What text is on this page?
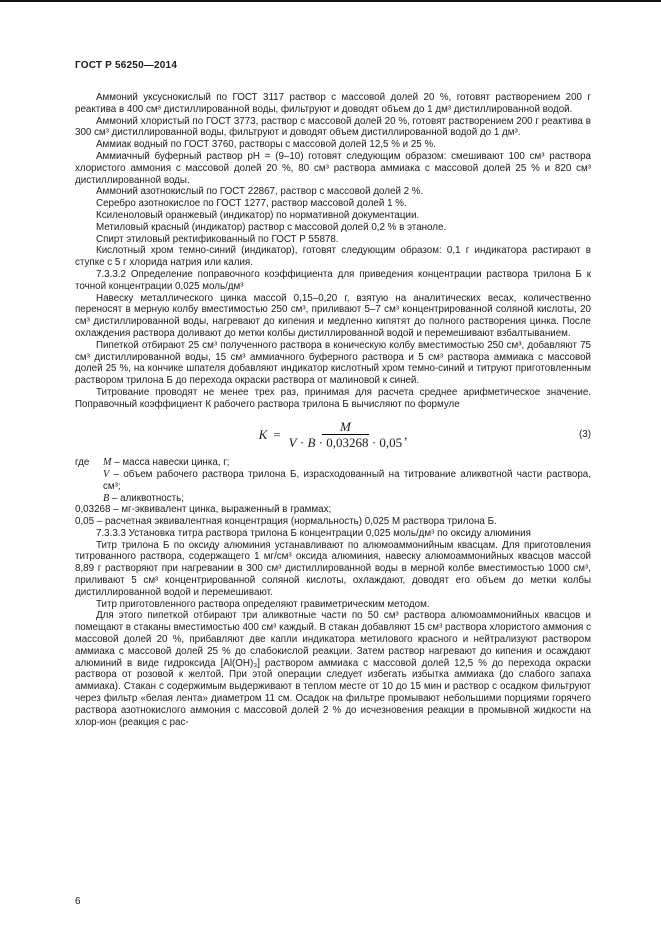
ГОСТ Р 56250—2014

Аммоний уксуснокислый по ГОСТ 3117 раствор с массовой долей 20 %, готовят растворением 200 г реактива в 400 см³ дистиллированной воды, фильтруют и доводят объем до 1 дм³ дистиллированной водой.

Аммоний хлористый по ГОСТ 3773, раствор с массовой долей 20 %, готовят растворением 200 г реактива в 300 см³ дистиллированной воды, фильтруют и доводят объем дистиллированной водой до 1 дм³.

Аммиак водный по ГОСТ 3760, растворы с массовой долей 12,5 % и 25 %.

Аммиачный буферный раствор рН = (9–10) готовят следующим образом: смешивают 100 см³ раствора хлористого аммония с массовой долей 20 %, 80 см³ раствора аммиака с массовой долей 25 % и 820 см³ дистиллированной воды.

Аммоний азотнокислый по ГОСТ 22867, раствор с массовой долей 2 %.

Серебро азотнокислое по ГОСТ 1277, раствор массовой долей 1 %.

Ксиленоловый оранжевый (индикатор) по нормативной документации.

Метиловый красный (индикатор) раствор с массовой долей 0,2 % в этаноле.

Спирт этиловый ректификованный по ГОСТ Р 55878.

Кислотный хром темно-синий (индикатор), готовят следующим образом: 0,1 г индикатора растирают в ступке с 5 г хлорида натрия или калия.

7.3.3.2 Определение поправочного коэффициента для приведения концентрации раствора трилона Б к точной концентрации 0,025 моль/дм³

Навеску металлического цинка массой 0,15–0,20 г, взятую на аналитических весах, количественно переносят в мерную колбу вместимостью 250 см³, приливают 5–7 см³ концентрированной соляной кислоты, 20 см³ дистиллированной воды, нагревают до кипения и медленно кипятят до полного растворения цинка. После охлаждения раствора доливают до метки колбы дистиллированной водой и перемешивают взбалтыванием.

Пипеткой отбирают 25 см³ полученного раствора в коническую колбу вместимостью 250 см³, добавляют 75 см³ дистиллированной воды, 15 см³ аммиачного буферного раствора и 5 см³ раствора аммиака с массовой долей 25 %, на кончике шпателя добавляют индикатор кислотный хром темно-синий и титруют приготовленным раствором трилона Б до перехода окраски раствора от малиновой к синей.

Титрование проводят не менее трех раз, принимая для расчета среднее арифметическое значение. Поправочный коэффициент К рабочего раствора трилона Б вычисляют по формуле

$K = \frac{M}{V \cdot B \cdot 0,03268 \cdot 0,05}$ ,	(3)
где М – масса навески цинка, г;
V – объем рабочего раствора трилона Б, израсходованный на титрование аликвотной части раствора, см³;
В – аликвотность;
0,03268 – мг-эквивалент цинка, выраженный в граммах;
0,05 – расчетная эквивалентная концентрация (нормальность) 0,025 М раствора трилона Б.

7.3.3.3 Установка титра раствора трилона Б концентрации 0,025 моль/дм³ по оксиду алюминия

Титр трилона Б по оксиду алюминия устанавливают по алюмоаммонийным квасцам. Для приготовления титрованного раствора, содержащего 1 мг/см³ оксида алюминия, навеску алюмоаммонийных квасцов массой 8,89 г растворяют при нагревании в 300 см³ дистиллированной воды в мерной колбе вместимостью 1000 см³, приливают 5 см³ концентрированной соляной кислоты, охлаждают, доводят его объем до метки колбы дистиллированной водой и перемешивают.

Титр приготовленного раствора определяют гравиметрическим методом.

Для этого пипеткой отбирают три аликвотные части по 50 см³ раствора алюмоаммонийных квасцов и помещают в стаканы вместимостью 400 см³ каждый. В стакан добавляют 15 см³ раствора хлористого аммония с массовой долей 20 %, прибавляют две капли индикатора метилового красного и нейтрализуют раствором аммиака с массовой долей 25 % до слабокислой реакции. Затем раствор нагревают до кипения и осаждают алюминий в виде гидроксида [Al(OH)₃] раствором аммиака с массовой долей 12,5 % до перехода окраски раствора от розовой к желтой. При этой операции следует избегать избытка аммиака (до слабого запаха аммиака). Стакан с содержимым выдерживают в теплом месте от 10 до 15 мин и раствор с осадком фильтруют через фильтр «белая лента» диаметром 11 см. Осадок на фильтре промывают небольшими порциями горячего раствора азотнокислого аммония с массовой долей 2 % до исчезновения реакции в промывной жидкости на хлор-ион (реакция с рас-

6
